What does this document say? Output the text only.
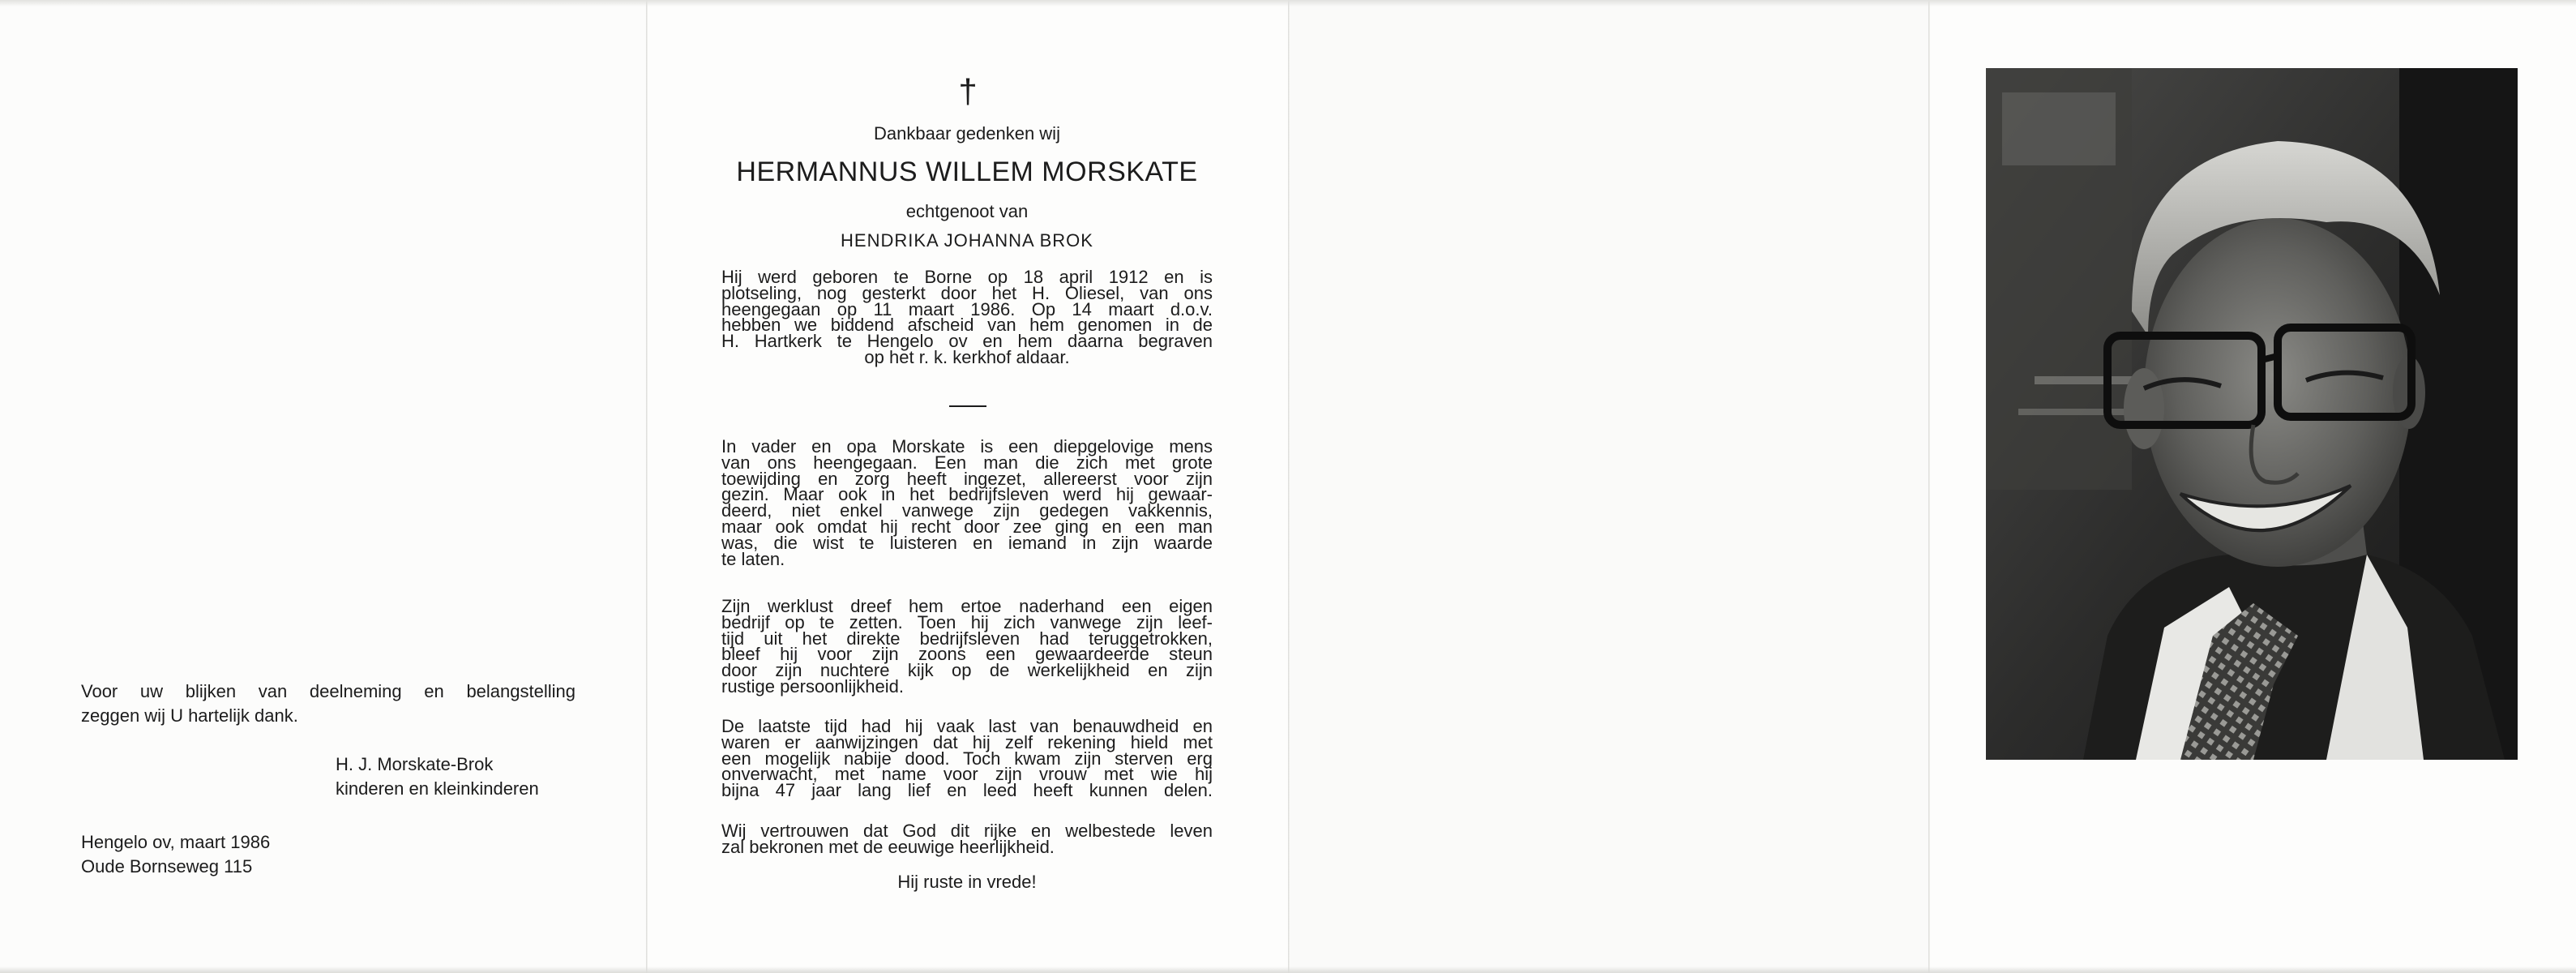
Voor uw blijken van deelneming en belangstelling
zeggen wij U hartelijk dank.
H. J. Morskate-Brok
kinderen en kleinkinderen
Hengelo ov, maart 1986
Oude Bornseweg 115
†
Dankbaar gedenken wij
HERMANNUS WILLEM MORSKATE
echtgenoot van
HENDRIKA JOHANNA BROK
Hij werd geboren te Borne op 18 april 1912 en is
plotseling, nog gesterkt door het H. Oliesel, van ons
heengegaan op 11 maart 1986. Op 14 maart d.o.v.
hebben we biddend afscheid van hem genomen in de
H. Hartkerk te Hengelo ov en hem daarna begraven
op het r. k. kerkhof aldaar.
In vader en opa Morskate is een diepgelovige mens
van ons heengegaan. Een man die zich met grote
toewijding en zorg heeft ingezet, allereerst voor zijn
gezin. Maar ook in het bedrijfsleven werd hij gewaar-
deerd, niet enkel vanwege zijn gedegen vakkennis,
maar ook omdat hij recht door zee ging en een man
was, die wist te luisteren en iemand in zijn waarde
te laten.
Zijn werklust dreef hem ertoe naderhand een eigen
bedrijf op te zetten. Toen hij zich vanwege zijn leef-
tijd uit het direkte bedrijfsleven had teruggetrokken,
bleef hij voor zijn zoons een gewaardeerde steun
door zijn nuchtere kijk op de werkelijkheid en zijn
rustige persoonlijkheid.
De laatste tijd had hij vaak last van benauwdheid en
waren er aanwijzingen dat hij zelf rekening hield met
een mogelijk nabije dood. Toch kwam zijn sterven erg
onverwacht, met name voor zijn vrouw met wie hij
bijna 47 jaar lang lief en leed heeft kunnen delen.
Wij vertrouwen dat God dit rijke en welbestede leven
zal bekronen met de eeuwige heerlijkheid.
Hij ruste in vrede!
